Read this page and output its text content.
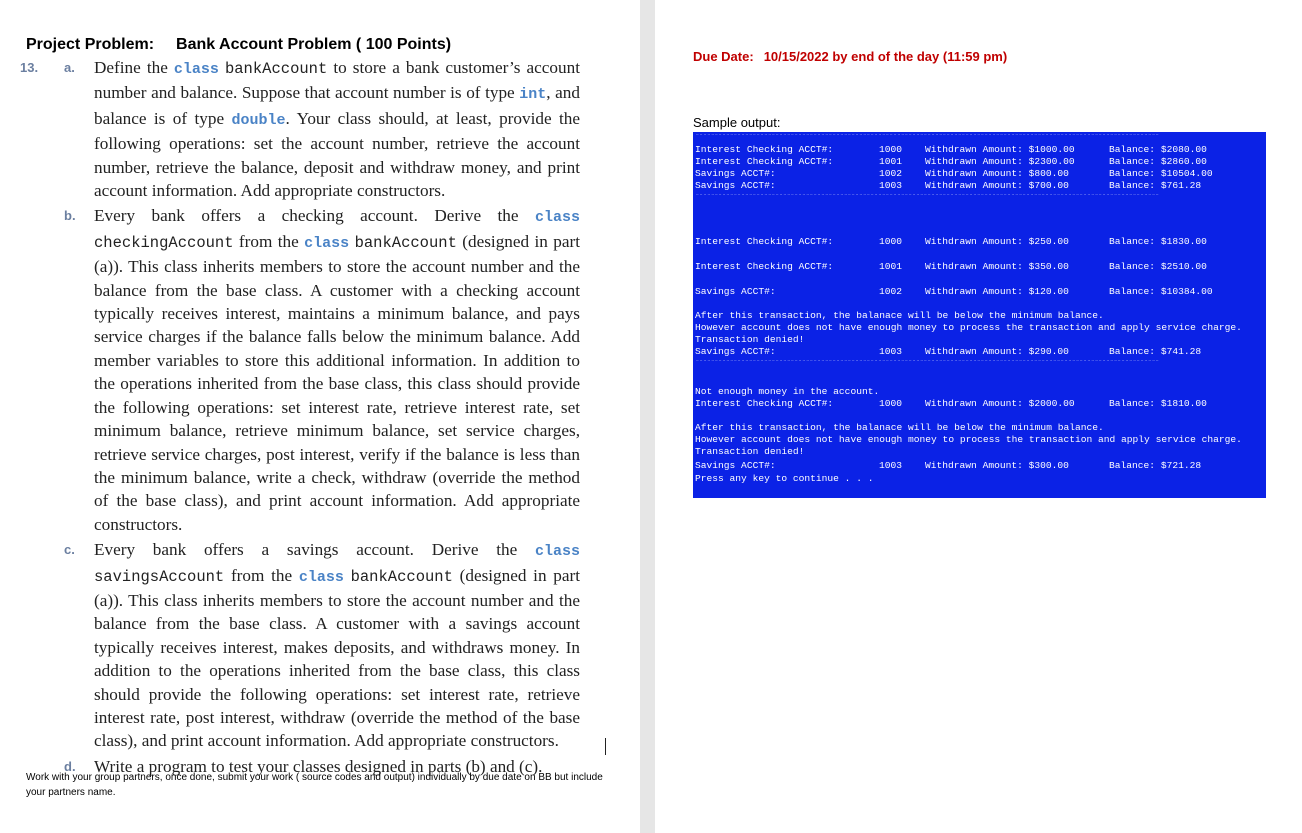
Project Problem: Bank Account Problem ( 100 Points)
13. a. Define the class bankAccount to store a bank customer’s account number and balance. Suppose that account number is of type int, and balance is of type double. Your class should, at least, provide the following operations: set the account number, retrieve the account number, retrieve the balance, deposit and withdraw money, and print account information. Add appropriate constructors.
b. Every bank offers a checking account. Derive the class checkingAccount from the class bankAccount (designed in part (a)). This class inherits members to store the account number and the balance from the base class. A customer with a checking account typically receives interest, maintains a minimum balance, and pays service charges if the balance falls below the minimum balance. Add member variables to store this additional information. In addition to the operations inherited from the base class, this class should provide the following operations: set interest rate, retrieve interest rate, set minimum balance, retrieve minimum balance, set service charges, retrieve service charges, post interest, verify if the balance is less than the minimum balance, write a check, withdraw (override the method of the base class), and print account information. Add appropriate constructors.
c. Every bank offers a savings account. Derive the class savingsAccount from the class bankAccount (designed in part (a)). This class inherits members to store the account number and the balance from the base class. A customer with a savings account typically receives interest, makes deposits, and withdraws money. In addition to the operations inherited from the base class, this class should provide the following operations: set interest rate, retrieve interest rate, post interest, withdraw (override the method of the base class), and print account information. Add appropriate constructors.
d. Write a program to test your classes designed in parts (b) and (c).
Work with your group partners, once done, submit your work ( source codes and output) individually by due date on BB but include your partners name.
Due Date: 10/15/2022 by end of the day (11:59 pm)
Sample output:
**************************************************************************************************************************
Interest Checking ACCT#:	1000 Withdrawn Amount: $1000.00	Balance: $2080.00
Interest Checking ACCT#:	1001 Withdrawn Amount: $2300.00	Balance: $2860.00
Savings ACCT#:	1002 Withdrawn Amount: $800.00	Balance: $10504.00
Savings ACCT#:	1003 Withdrawn Amount: $700.00	Balance: $761.28
**************************************************************************************************************************
Interest Checking ACCT#:	1000 Withdrawn Amount: $250.00	Balance: $1830.00
Interest Checking ACCT#:	1001 Withdrawn Amount: $350.00	Balance: $2510.00
Savings ACCT#:	1002 Withdrawn Amount: $120.00	Balance: $10384.00
After this transaction, the balanace will be below the minimum balance.
However account does not have enough money to process the transaction and apply service charge.
Transaction denied!
Savings ACCT#:	1003 Withdrawn Amount: $290.00	Balance: $741.28
**************************************************************************************************************************
Not enough money in the account.
Interest Checking ACCT#:	1000 Withdrawn Amount: $2000.00	Balance: $1810.00
After this transaction, the balanace will be below the minimum balance.
However account does not have enough money to process the transaction and apply service charge.
Transaction denied!
Savings ACCT#:	1003 Withdrawn Amount: $300.00	Balance: $721.28
Press any key to continue . . .
